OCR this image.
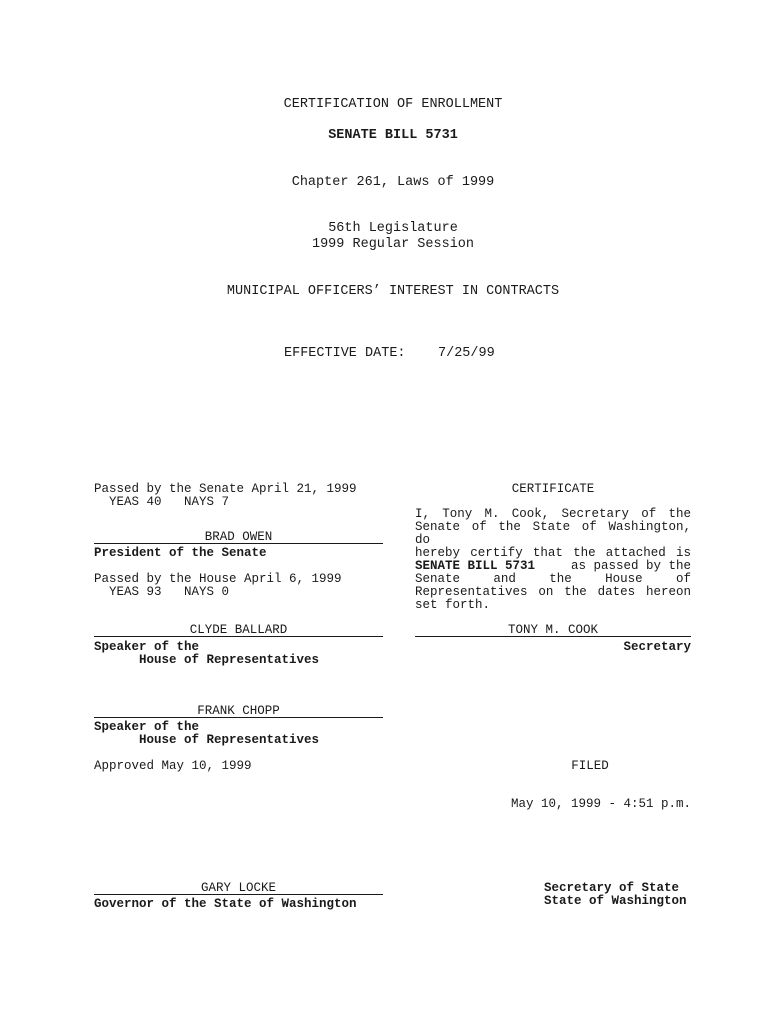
CERTIFICATION OF ENROLLMENT
SENATE BILL 5731
Chapter 261, Laws of 1999
56th Legislature
1999 Regular Session
MUNICIPAL OFFICERS’ INTEREST IN CONTRACTS
EFFECTIVE DATE: 7/25/99
Passed by the Senate April 21, 1999
YEAS 40 NAYS 7
BRAD OWEN
President of the Senate
Passed by the House April 6, 1999
YEAS 93 NAYS 0
CLYDE BALLARD
Speaker of the
House of Representatives
FRANK CHOPP
Speaker of the
House of Representatives
Approved May 10, 1999
GARY LOCKE
Governor of the State of Washington
CERTIFICATE
I, Tony M. Cook, Secretary of the
Senate of the State of Washington, do
hereby certify that the attached is
SENATE BILL 5731	as passed by the
Senate and the House of
Representatives on the dates hereon
set forth.
TONY M. COOK
Secretary
FILED
May 10, 1999 - 4:51 p.m.
Secretary of State
State of Washington
